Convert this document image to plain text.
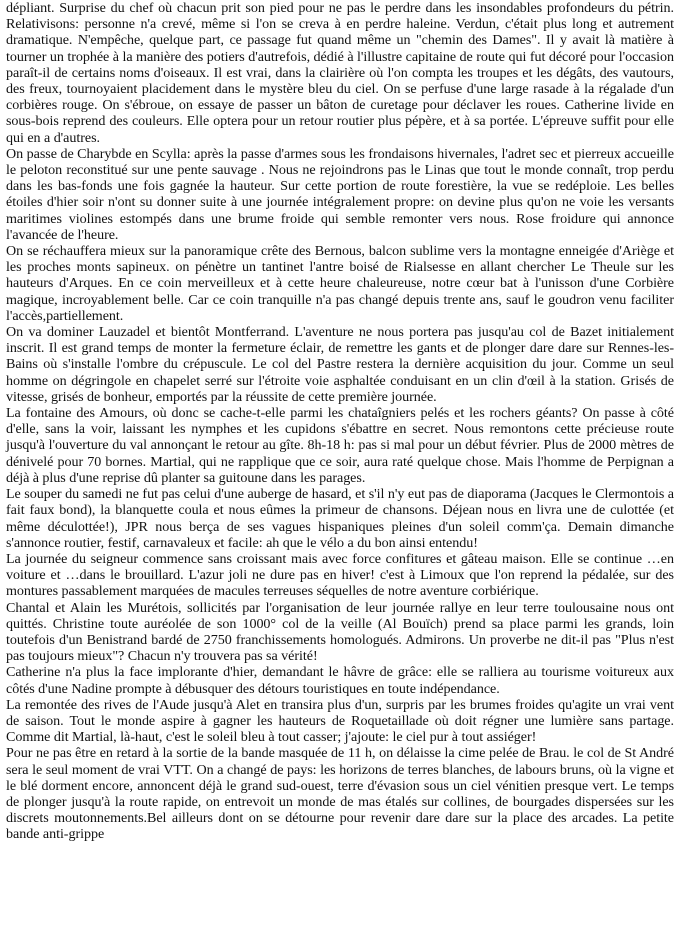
dépliant. Surprise du chef où chacun prit son pied pour ne pas le perdre dans les insondables profondeurs du pétrin. Relativisons: personne n'a crevé, même si l'on se creva à en perdre haleine. Verdun, c'était plus long et autrement dramatique. N'empêche, quelque part, ce passage fut quand même un "chemin des Dames". Il y avait là matière à tourner un trophée à la manière des potiers d'autrefois, dédié à l'illustre capitaine de route qui fut décoré pour l'occasion paraît-il de certains noms d'oiseaux. Il est vrai, dans la clairière où l'on compta les troupes et les dégâts, des vautours, des freux, tournoyaient placidement dans le mystère bleu du ciel. On se perfuse d'une large rasade à la régalade d'un corbières rouge. On s'ébroue, on essaye de passer un bâton de curetage pour déclaver les roues. Catherine livide en sous-bois reprend des couleurs. Elle optera pour un retour routier plus pépère, et à sa portée. L'épreuve suffit pour elle qui en a d'autres.

On passe de Charybde en Scylla: après la passe d'armes sous les frondaisons hivernales, l'adret sec et pierreux accueille le peloton reconstitué sur une pente sauvage . Nous ne rejoindrons pas le Linas que tout le monde connaît, trop perdu dans les bas-fonds une fois gagnée la hauteur. Sur cette portion de route forestière, la vue se redéploie. Les belles étoiles d'hier soir n'ont su donner suite à une journée intégralement propre: on devine plus qu'on ne voie les versants maritimes violines estompés dans une brume froide qui semble remonter vers nous. Rose froidure qui annonce l'avancée de l'heure.

On se réchauffera mieux sur la panoramique crête des Bernous, balcon sublime vers la montagne enneigée d'Ariège et les proches monts sapineux. on pénètre un tantinet l'antre boisé de Rialsesse en allant chercher Le Theule sur les hauteurs d'Arques. En ce coin merveilleux et à cette heure chaleureuse, notre cœur bat à l'unisson d'une Corbière magique, incroyablement belle. Car ce coin tranquille n'a pas changé depuis trente ans, sauf le goudron venu faciliter l'accès,partiellement.

On va dominer Lauzadel et bientôt Montferrand. L'aventure ne nous portera pas jusqu'au col de Bazet initialement inscrit. Il est grand temps de monter la fermeture éclair, de remettre les gants et de plonger dare dare sur Rennes-les-Bains où s'installe l'ombre du crépuscule. Le col del Pastre restera la dernière acquisition du jour. Comme un seul homme on dégringole en chapelet serré sur l'étroite voie asphaltée conduisant en un clin d'œil à la station. Grisés de vitesse, grisés de bonheur, emportés par la réussite de cette première journée.

La fontaine des Amours, où donc se cache-t-elle parmi les chataîgniers pelés et les rochers géants? On passe à côté d'elle, sans la voir, laissant les nymphes et les cupidons s'ébattre en secret. Nous remontons cette précieuse route jusqu'à l'ouverture du val annonçant le retour au gîte. 8h-18 h: pas si mal pour un début février. Plus de 2000 mètres de dénivelé pour 70 bornes. Martial, qui ne rapplique que ce soir, aura raté quelque chose. Mais l'homme de Perpignan a déjà à plus d'une reprise dû planter sa guitoune dans les parages.

Le souper du samedi ne fut pas celui d'une auberge de hasard, et s'il n'y eut pas de diaporama (Jacques le Clermontois a fait faux bond), la blanquette coula et nous eûmes la primeur de chansons. Déjean nous en livra une de culottée (et même déculottée!), JPR nous berça de ses vagues hispaniques pleines d'un soleil comm'ça. Demain dimanche s'annonce routier, festif, carnavaleux et facile: ah que le vélo a du bon ainsi entendu!

La journée du seigneur commence sans croissant mais avec force confitures et gâteau maison. Elle se continue …en voiture et …dans le brouillard. L'azur joli ne dure pas en hiver! c'est à Limoux que l'on reprend la pédalée, sur des montures passablement marquées de macules terreuses séquelles de notre aventure corbiérique.

Chantal et Alain les Murétois, sollicités par l'organisation de leur journée rallye en leur terre toulousaine nous ont quittés. Christine toute auréolée de son 1000° col de la veille (Al Bouïch) prend sa place parmi les grands, loin toutefois d'un Benistrand bardé de 2750 franchissements homologués. Admirons. Un proverbe ne dit-il pas "Plus n'est pas toujours mieux"? Chacun n'y trouvera pas sa vérité!

Catherine n'a plus la face implorante d'hier, demandant le hâvre de grâce: elle se ralliera au tourisme voitureux aux côtés d'une Nadine prompte à débusquer des détours touristiques en toute indépendance.

La remontée des rives de l'Aude jusqu'à Alet en transira plus d'un, surpris par les brumes froides qu'agite un vrai vent de saison. Tout le monde aspire à gagner les hauteurs de Roquetaillade où doit régner une lumière sans partage. Comme dit Martial, là-haut, c'est le soleil bleu à tout casser; j'ajoute: le ciel pur à tout assiéger!

Pour ne pas être en retard à la sortie de la bande masquée de 11 h, on délaisse la cime pelée de Brau. le col de St André sera le seul moment de vrai VTT. On a changé de pays: les horizons de terres blanches, de labours bruns, où la vigne et le blé dorment encore, annoncent déjà le grand sud-ouest, terre d'évasion sous un ciel vénitien presque vert. Le temps de plonger jusqu'à la route rapide, on entrevoit un monde de mas étalés sur collines, de bourgades dispersées sur les discrets moutonnements.Bel ailleurs dont on se détourne pour revenir dare dare sur la place des arcades. La petite bande anti-grippe
